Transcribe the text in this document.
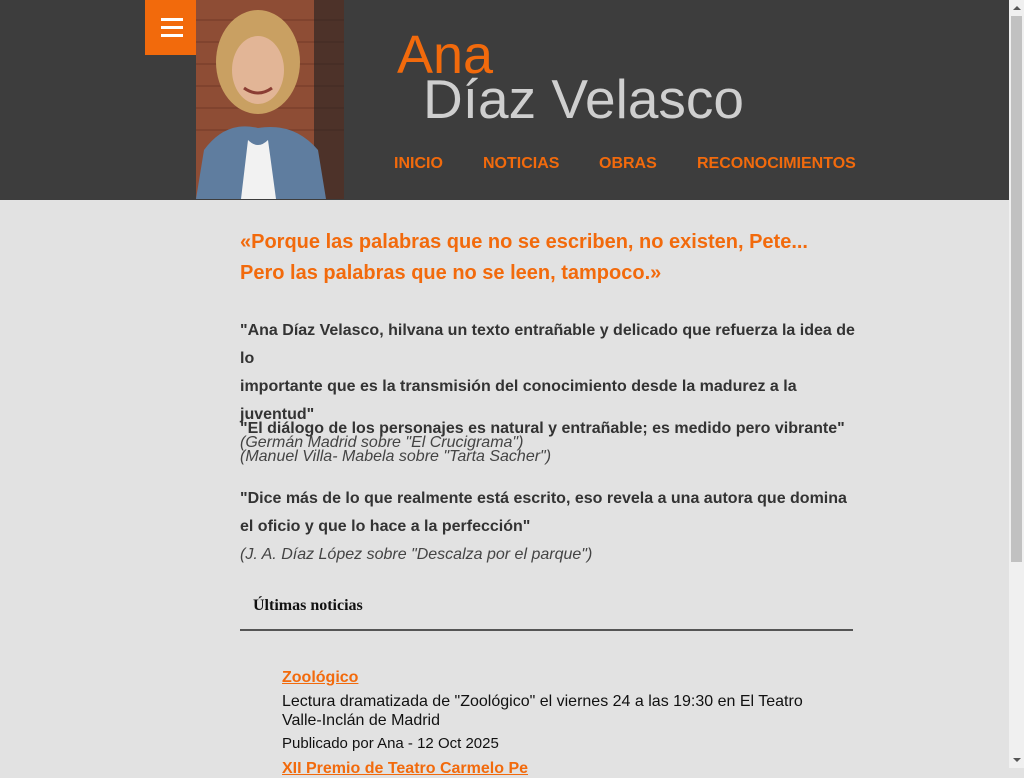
Ana
Díaz Velasco
INICIO	NOTICIAS OBRAS	RECONOCIMIENTOS
«Porque las palabras que no se escriben, no existen, Pete...
Pero las palabras que no se leen, tampoco.»
"Ana Díaz Velasco, hilvana un texto entrañable y delicado que refuerza la idea de lo
importante que es la transmisión del conocimiento desde la madurez a la juventud"
(Germán Madrid sobre "El Crucigrama")
"El diálogo de los personajes es natural y entrañable; es medido pero vibrante"
(Manuel Villa- Mabela sobre "Tarta Sacher")
"Dice más de lo que realmente está escrito, eso revela a una autora que domina
el oficio y que lo hace a la perfección"
(J. A. Díaz López sobre "Descalza por el parque")
Últimas noticias
Zoológico
Lectura dramatizada de "Zoológico" el viernes 24 a las 19:30 en El Teatro Valle-Inclán de Madrid
Publicado por Ana - 12 Oct 2025
XII Premio de Teatro Carmelo Pe
